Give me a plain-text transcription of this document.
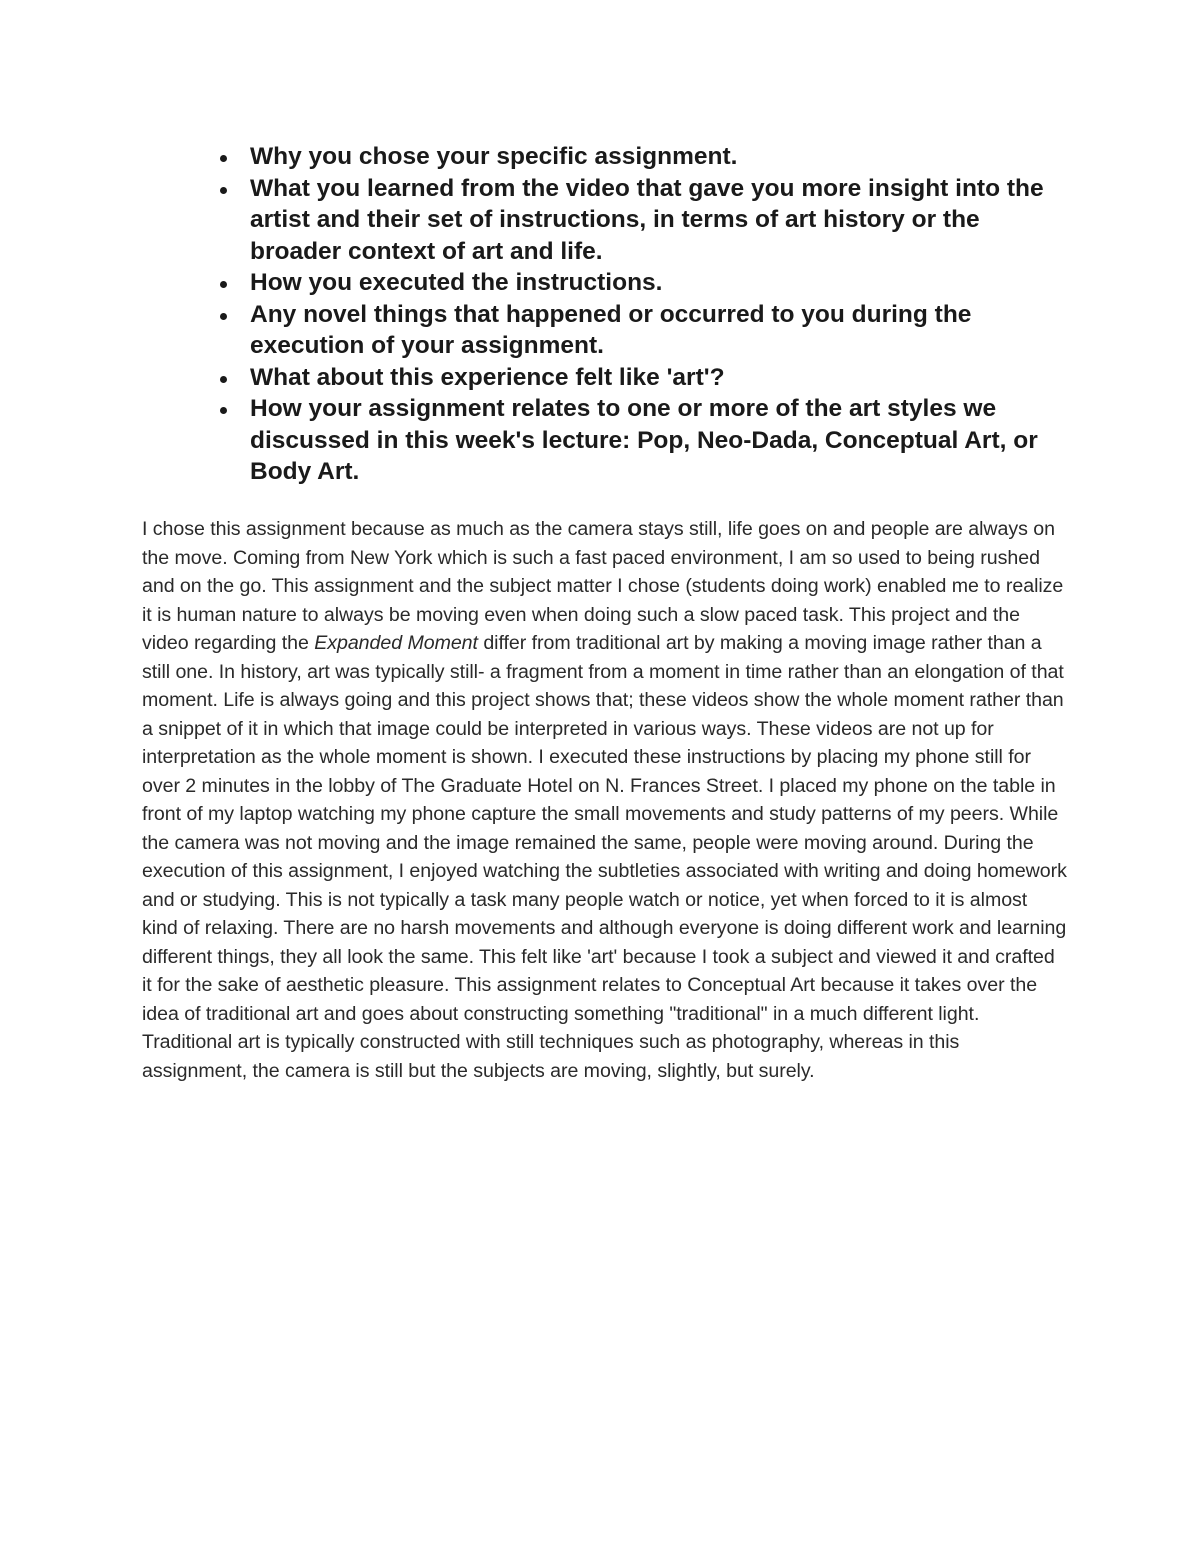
Why you chose your specific assignment.
What you learned from the video that gave you more insight into the artist and their set of instructions, in terms of art history or the broader context of art and life.
How you executed the instructions.
Any novel things that happened or occurred to you during the execution of your assignment.
What about this experience felt like 'art'?
How your assignment relates to one or more of the art styles we discussed in this week's lecture: Pop, Neo-Dada, Conceptual Art, or Body Art.

I chose this assignment because as much as the camera stays still, life goes on and people are always on the move. Coming from New York which is such a fast paced environment, I am so used to being rushed and on the go. This assignment and the subject matter I chose (students doing work) enabled me to realize it is human nature to always be moving even when doing such a slow paced task. This project and the video regarding the Expanded Moment differ from traditional art by making a moving image rather than a still one. In history, art was typically still- a fragment from a moment in time rather than an elongation of that moment. Life is always going and this project shows that; these videos show the whole moment rather than a snippet of it in which that image could be interpreted in various ways. These videos are not up for interpretation as the whole moment is shown. I executed these instructions by placing my phone still for over 2 minutes in the lobby of The Graduate Hotel on N. Frances Street. I placed my phone on the table in front of my laptop watching my phone capture the small movements and study patterns of my peers. While the camera was not moving and the image remained the same, people were moving around. During the execution of this assignment, I enjoyed watching the subtleties associated with writing and doing homework and or studying. This is not typically a task many people watch or notice, yet when forced to it is almost kind of relaxing. There are no harsh movements and although everyone is doing different work and learning different things, they all look the same. This felt like 'art' because I took a subject and viewed it and crafted it for the sake of aesthetic pleasure. This assignment relates to Conceptual Art because it takes over the idea of traditional art and goes about constructing something "traditional" in a much different light. Traditional art is typically constructed with still techniques such as photography, whereas in this assignment, the camera is still but the subjects are moving, slightly, but surely.
